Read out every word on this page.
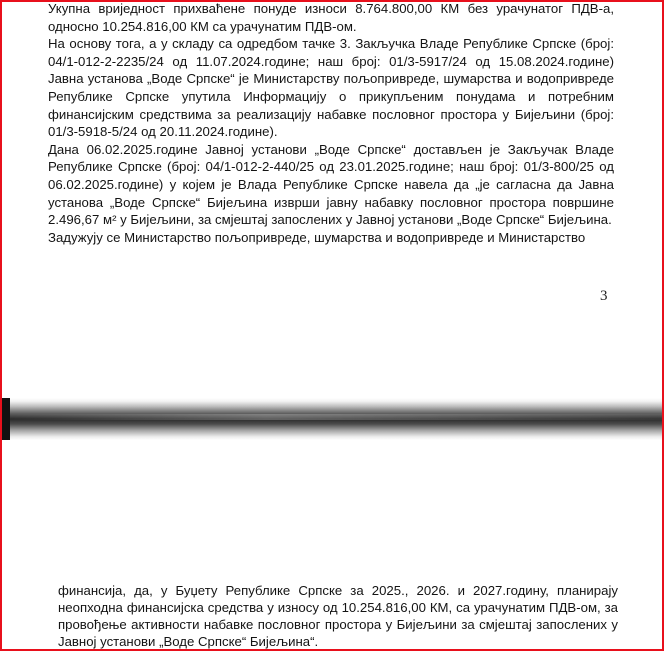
Укупна вриједност прихваћене понуде износи 8.764.800,00 КМ без урачунатог ПДВ-а, односно 10.254.816,00 КМ са урачунатим ПДВ-ом.

На основу тога, а у складу са одредбом тачке 3. Закључка Владе Републике Српске (број: 04/1-012-2-2235/24 од 11.07.2024.године; наш број: 01/3-5917/24 од 15.08.2024.године) Јавна установа „Воде Српске“ је Министарству пољопривреде, шумарства и водопривреде Републике Српске упутила Информацију о прикупљеним понудама и потребним финансијским средствима за реализацију набавке пословног простора у Бијељини (број: 01/3-5918-5/24 од 20.11.2024.године).

Дана 06.02.2025.године Јавној установи „Воде Српске“ достављен је Закључак Владе Републике Српске (број: 04/1-012-2-440/25 од 23.01.2025.године; наш број: 01/3-800/25 од 06.02.2025.године) у којем је Влада Републике Српске навела да „је сагласна да Јавна установа „Воде Српске“ Бијељина изврши јавну набавку пословног простора површине 2.496,67 м² у Бијељини, за смјештај запослених у Јавној установи „Воде Српске“ Бијељина.

Задужују се Министарство пољопривреде, шумарства и водопривреде и Министарство

3

финансија, да, у Буџету Републике Српске за 2025., 2026. и 2027.годину, планирају неопходна финансијска средства у износу од 10.254.816,00 КМ, са урачунатим ПДВ-ом, за провођење активности набавке пословног простора у Бијељини за смјештај запослених у Јавној установи „Воде Српске“ Бијељина“.
